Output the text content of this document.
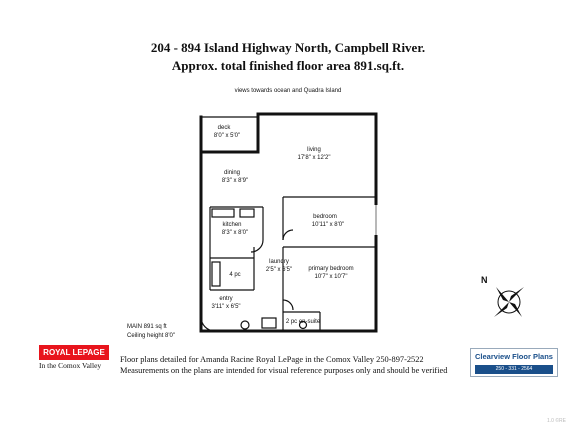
204 - 894 Island Highway North, Campbell River.
Approx. total finished floor area 891.sq.ft.
views towards ocean and Quadra Island
deck
8'0" x 5'0"
living
17'8" x 12'2"
dining
8'3" x 8'9"
bedroom
10'11" x 8'0"
kitchen
8'3" x 8'0"
laundry
2'5" x 6'5"
4 pc
primary bedroom
10'7" x 10'7"
entry
3'11" x 6'5"
2 pc en-suite
N
MAIN 891 sq ft
Ceiling height 8'0"
ROYAL LEPAGE
In the Comox Valley
Floor plans detailed for Amanda Racine Royal LePage in the Comox Valley 250-897-2522
Measurements on the plans are intended for visual reference purposes only and should be verified
Clearview Floor Plans
250 - 331 - 2564
1.0 ©RE
